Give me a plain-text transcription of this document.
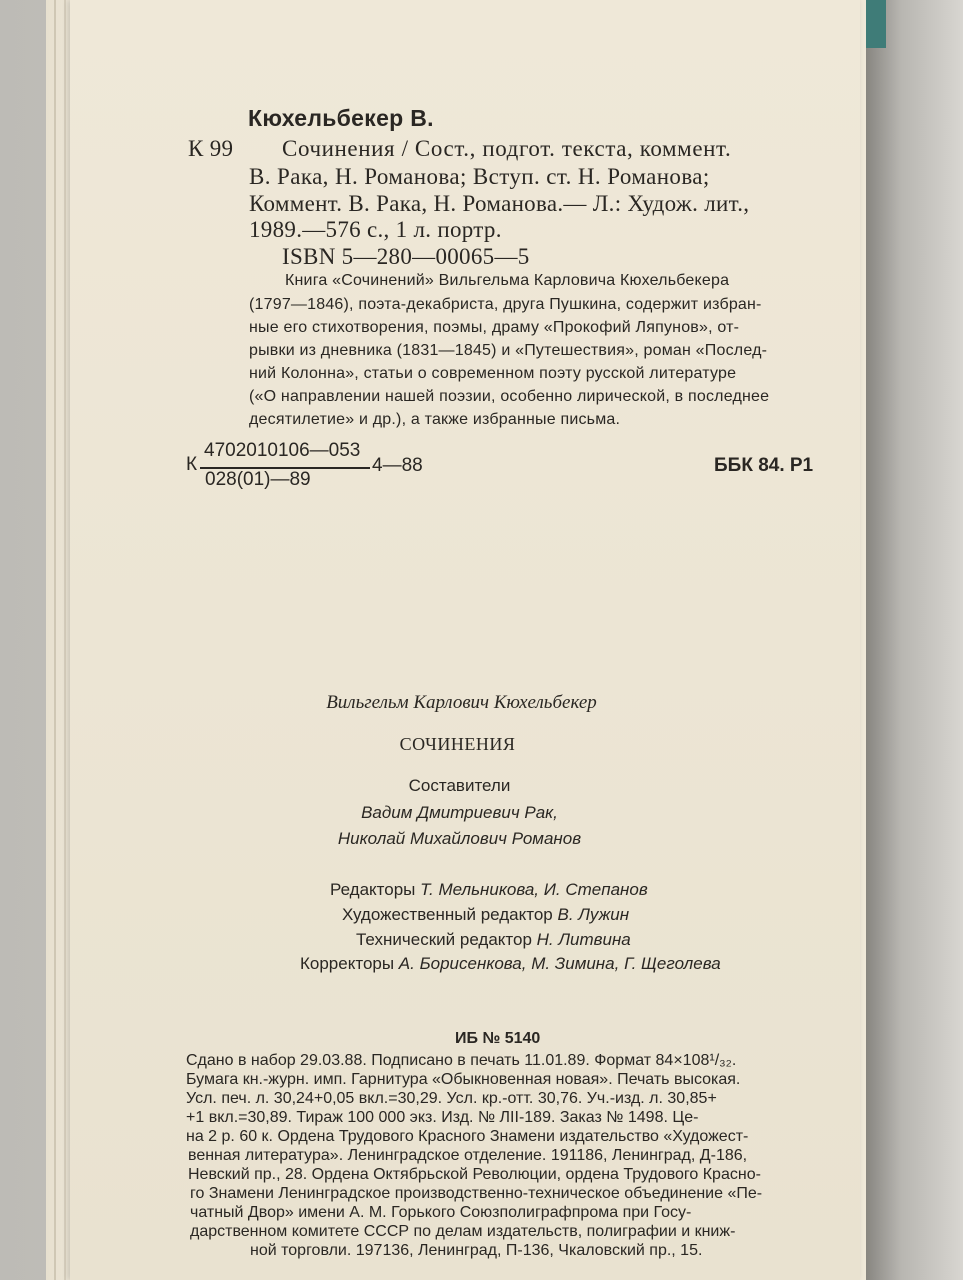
Кюхельбекер В.
К 99 Сочинения / Сост., подгот. текста, коммент.
В. Рака, Н. Романова; Вступ. ст. Н. Романова;
Коммент. В. Рака, Н. Романова.— Л.: Худож. лит.,
1989.—576 с., 1 л. портр.
ISBN 5—280—00065—5
Книга «Сочинений» Вильгельма Карловича Кюхельбекера
(1797—1846), поэта-декабриста, друга Пушкина, содержит избран-
ные его стихотворения, поэмы, драму «Прокофий Ляпунов», от-
рывки из дневника (1831—1845) и «Путешествия», роман «Послед-
ний Колонна», статьи о современном поэту русской литературе
(«О направлении нашей поэзии, особенно лирической, в последнее
десятилетие» и др.), а также избранные письма.
К
4702010106—053
028(01)—89
4—88	ББК 84. Р1
Вильгельм Карлович Кюхельбекер
СОЧИНЕНИЯ
Составители
Вадим Дмитриевич Рак,
Николай Михайлович Романов
Редакторы Т. Мельникова, И. Степанов
Художественный редактор В. Лужин
Технический редактор Н. Литвина
Корректоры А. Борисенкова, М. Зимина, Г. Щеголева
ИБ № 5140
Сдано в набор 29.03.88. Подписано в печать 11.01.89. Формат 84×108¹/₃₂.
Бумага кн.-журн. имп. Гарнитура «Обыкновенная новая». Печать высокая.
Усл. печ. л. 30,24+0,05 вкл.=30,29. Усл. кр.-отт. 30,76. Уч.-изд. л. 30,85+
+1 вкл.=30,89. Тираж 100 000 экз. Изд. № ЛII-189. Заказ № 1498. Це-
на 2 р. 60 к. Ордена Трудового Красного Знамени издательство «Художест-
венная литература». Ленинградское отделение. 191186, Ленинград, Д-186,
Невский пр., 28. Ордена Октябрьской Революции, ордена Трудового Красно-
го Знамени Ленинградское производственно-техническое объединение «Пе-
чатный Двор» имени А. М. Горького Союзполиграфпрома при Госу-
дарственном комитете СССР по делам издательств, полиграфии и книж-
ной торговли. 197136, Ленинград, П-136, Чкаловский пр., 15.
